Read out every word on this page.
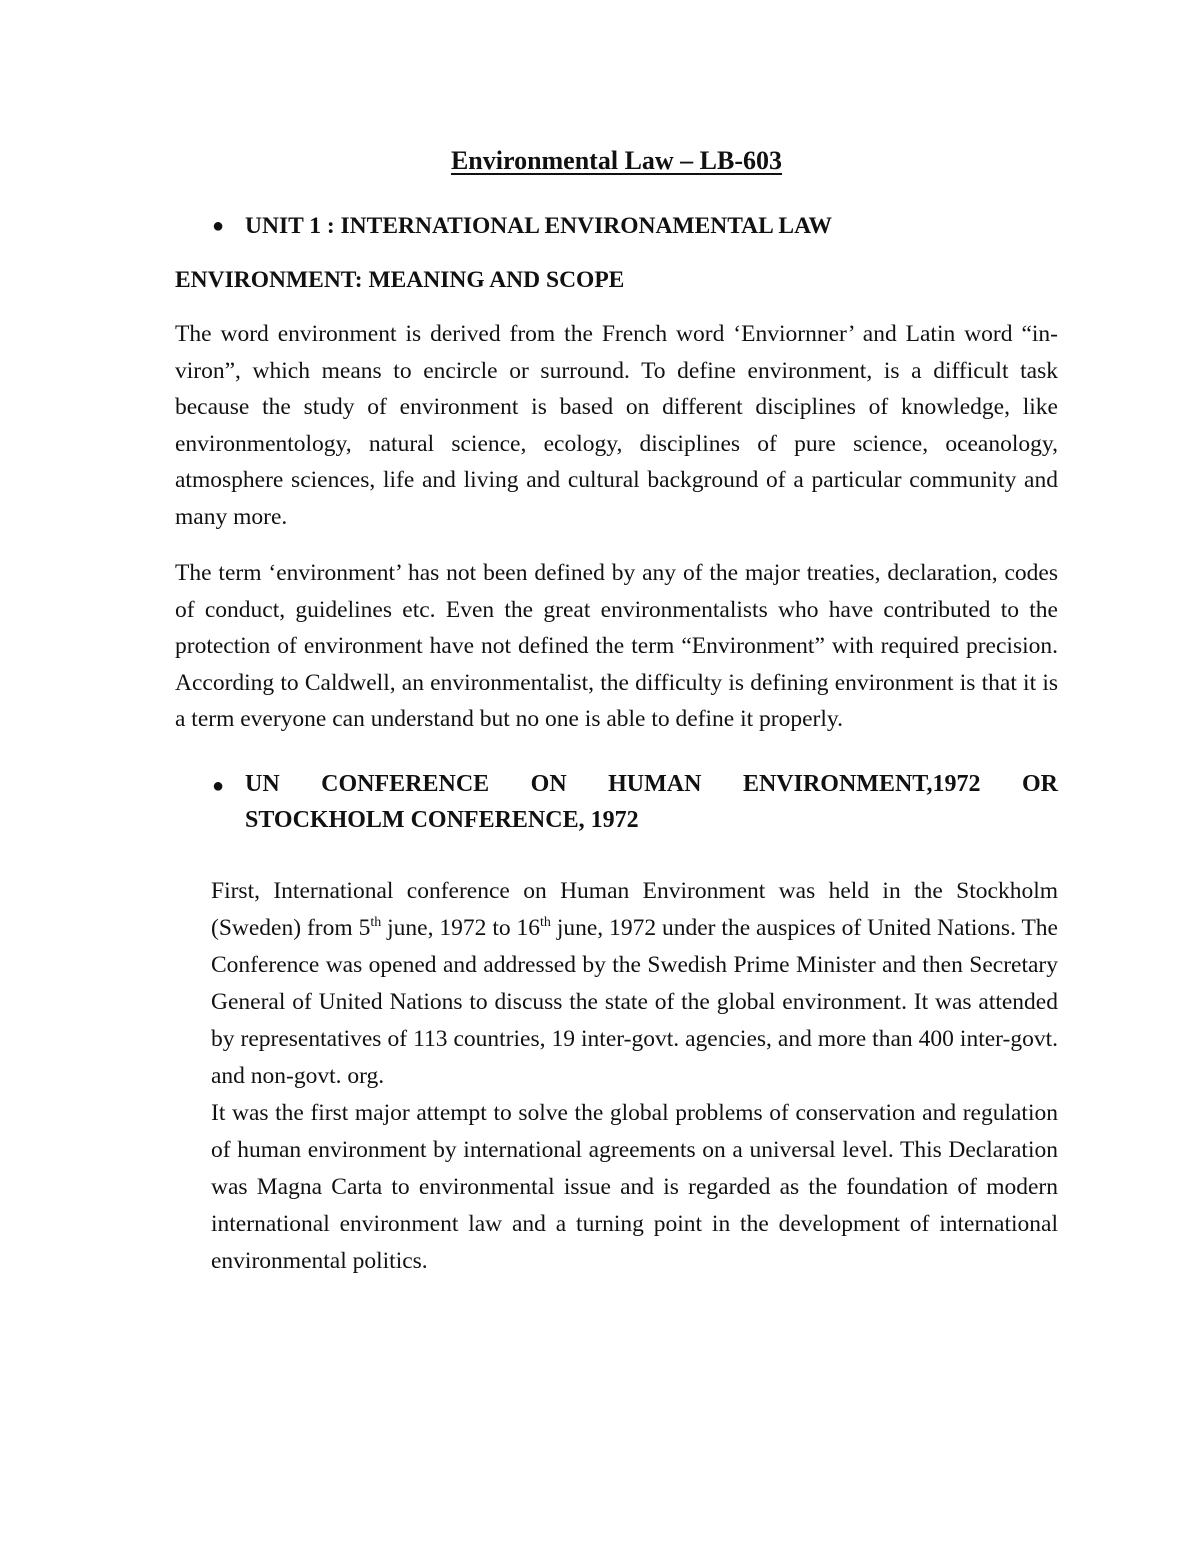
Environmental Law – LB-603
● UNIT 1 : INTERNATIONAL ENVIRONAMENTAL LAW
ENVIRONMENT: MEANING AND SCOPE

The word environment is derived from the French word ‘Enviornner’ and Latin word “in-viron”, which means to encircle or surround. To define environment, is a difficult task because the study of environment is based on different disciplines of knowledge, like environmentology, natural science, ecology, disciplines of pure science, oceanology, atmosphere sciences, life and living and cultural background of a particular community and many more.

The term ‘environment’ has not been defined by any of the major treaties, declaration, codes of conduct, guidelines etc. Even the great environmentalists who have contributed to the protection of environment have not defined the term “Environment” with required precision. According to Caldwell, an environmentalist, the difficulty is defining environment is that it is a term everyone can understand but no one is able to define it properly.

● UN CONFERENCE ON HUMAN ENVIRONMENT,1972 OR
STOCKHOLM CONFERENCE, 1972

First, International conference on Human Environment was held in the Stockholm (Sweden) from 5th june, 1972 to 16th june, 1972 under the auspices of United Nations. The Conference was opened and addressed by the Swedish Prime Minister and then Secretary General of United Nations to discuss the state of the global environment. It was attended by representatives of 113 countries, 19 inter-govt. agencies, and more than 400 inter-govt. and non-govt. org.

It was the first major attempt to solve the global problems of conservation and regulation of human environment by international agreements on a universal level. This Declaration was Magna Carta to environmental issue and is regarded as the foundation of modern international environment law and a turning point in the development of international environmental politics.
